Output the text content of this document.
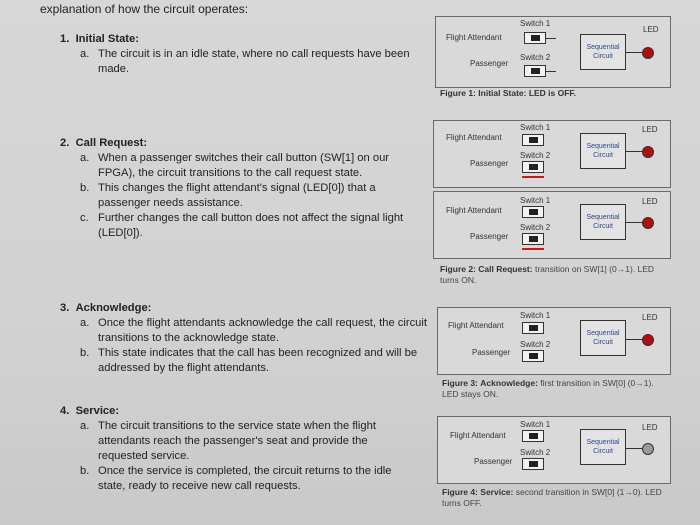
explanation of how the circuit operates:
1. Initial State:
a. The circuit is in an idle state, where no call requests have been made.
2. Call Request:
a. When a passenger switches their call button (SW[1] on our FPGA), the circuit transitions to the call request state.
b. This changes the flight attendant's signal (LED[0]) that a passenger needs assistance.
c. Further changes the call button does not affect the signal light (LED[0]).
3. Acknowledge:
a. Once the flight attendants acknowledge the call request, the circuit transitions to the acknowledge state.
b. This state indicates that the call has been recognized and will be addressed by the flight attendants.
4. Service:
a. The circuit transitions to the service state when the flight attendants reach the passenger's seat and provide the requested service.
b. Once the service is completed, the circuit returns to the idle state, ready to receive new call requests.
Flight Attendant
Passenger
Switch 1
Switch 2
Sequential
Circuit
LED
Figure 1: Initial State: LED is OFF.
Flight Attendant
Passenger
Switch 1
Switch 2
Sequential
Circuit
LED
Flight Attendant
Passenger
Switch 1
Switch 2
Sequential
Circuit
LED
Figure 2: Call Request: transition on SW[1] (0→1). LED turns ON.
Flight Attendant
Passenger
Switch 1
Switch 2
Sequential
Circuit
LED
Figure 3: Acknowledge: first transition in SW[0] (0→1). LED stays ON.
Flight Attendant
Passenger
Switch 1
Switch 2
Sequential
Circuit
LED
Figure 4: Service: second transition in SW[0] (1→0). LED turns OFF.
